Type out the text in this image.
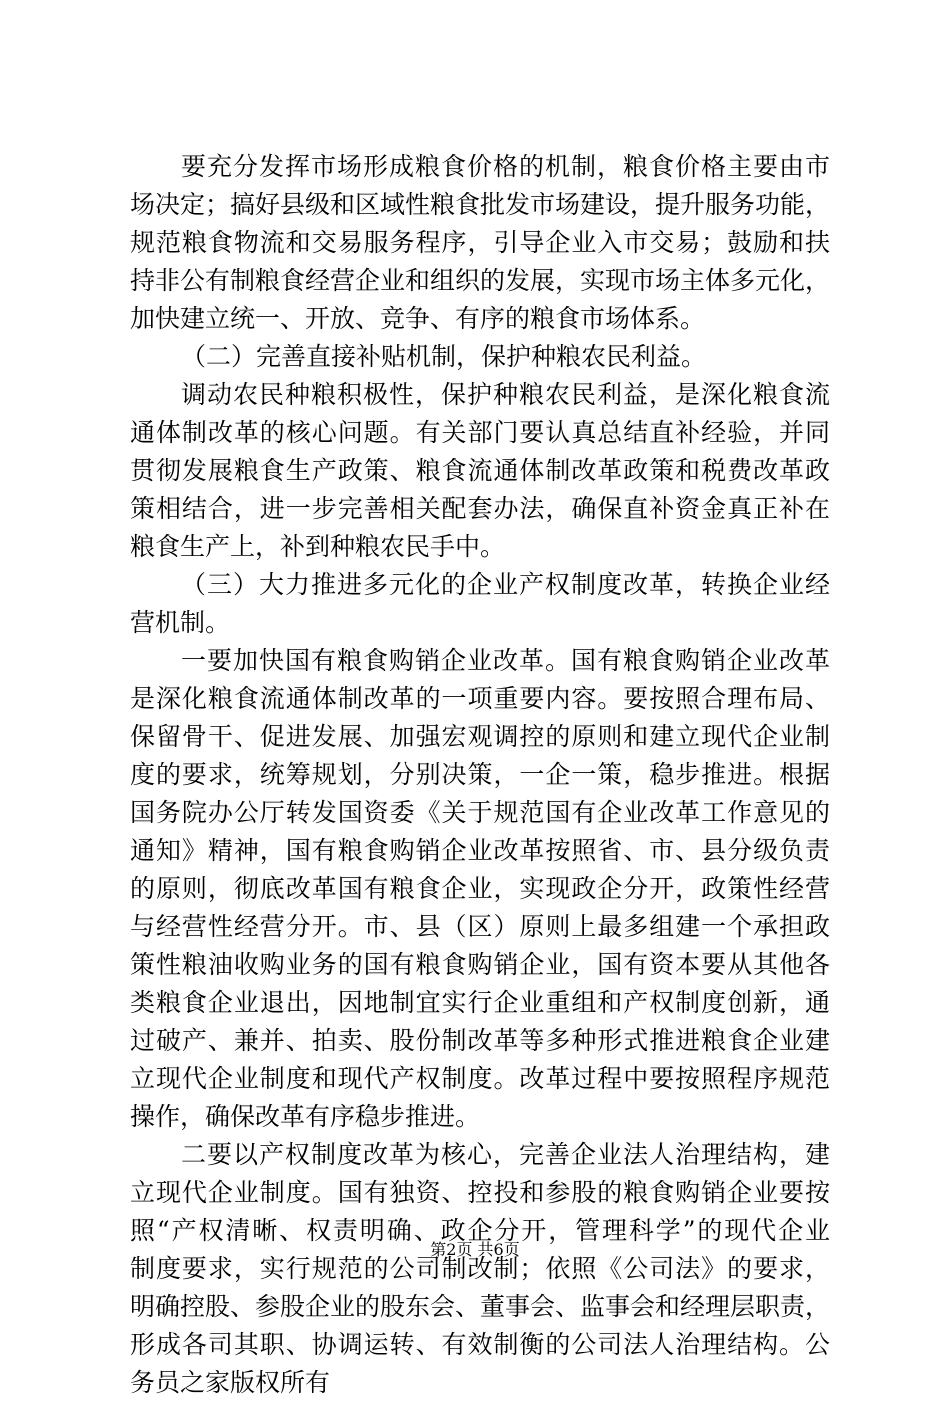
要充分发挥市场形成粮食价格的机制，粮食价格主要由市
场决定；搞好县级和区域性粮食批发市场建设，提升服务功能，
规范粮食物流和交易服务程序，引导企业入市交易；鼓励和扶
持非公有制粮食经营企业和组织的发展，实现市场主体多元化，
加快建立统一、开放、竞争、有序的粮食市场体系。
（二）完善直接补贴机制，保护种粮农民利益。
调动农民种粮积极性，保护种粮农民利益，是深化粮食流
通体制改革的核心问题。有关部门要认真总结直补经验，并同
贯彻发展粮食生产政策、粮食流通体制改革政策和税费改革政
策相结合，进一步完善相关配套办法，确保直补资金真正补在
粮食生产上，补到种粮农民手中。
（三）大力推进多元化的企业产权制度改革，转换企业经
营机制。
一要加快国有粮食购销企业改革。国有粮食购销企业改革
是深化粮食流通体制改革的一项重要内容。要按照合理布局、
保留骨干、促进发展、加强宏观调控的原则和建立现代企业制
度的要求，统筹规划，分别决策，一企一策，稳步推进。根据
国务院办公厅转发国资委《关于规范国有企业改革工作意见的
通知》精神，国有粮食购销企业改革按照省、市、县分级负责
的原则，彻底改革国有粮食企业，实现政企分开，政策性经营
与经营性经营分开。市、县（区）原则上最多组建一个承担政
策性粮油收购业务的国有粮食购销企业，国有资本要从其他各
类粮食企业退出，因地制宜实行企业重组和产权制度创新，通
过破产、兼并、拍卖、股份制改革等多种形式推进粮食企业建
立现代企业制度和现代产权制度。改革过程中要按照程序规范
操作，确保改革有序稳步推进。
二要以产权制度改革为核心，完善企业法人治理结构，建
立现代企业制度。国有独资、控投和参股的粮食购销企业要按
照“产权清晰、权责明确、政企分开，管理科学”的现代企业
制度要求，实行规范的公司制改制；依照《公司法》的要求，
明确控股、参股企业的股东会、董事会、监事会和经理层职责，
形成各司其职、协调运转、有效制衡的公司法人治理结构。公
务员之家版权所有
第2页 共6页
